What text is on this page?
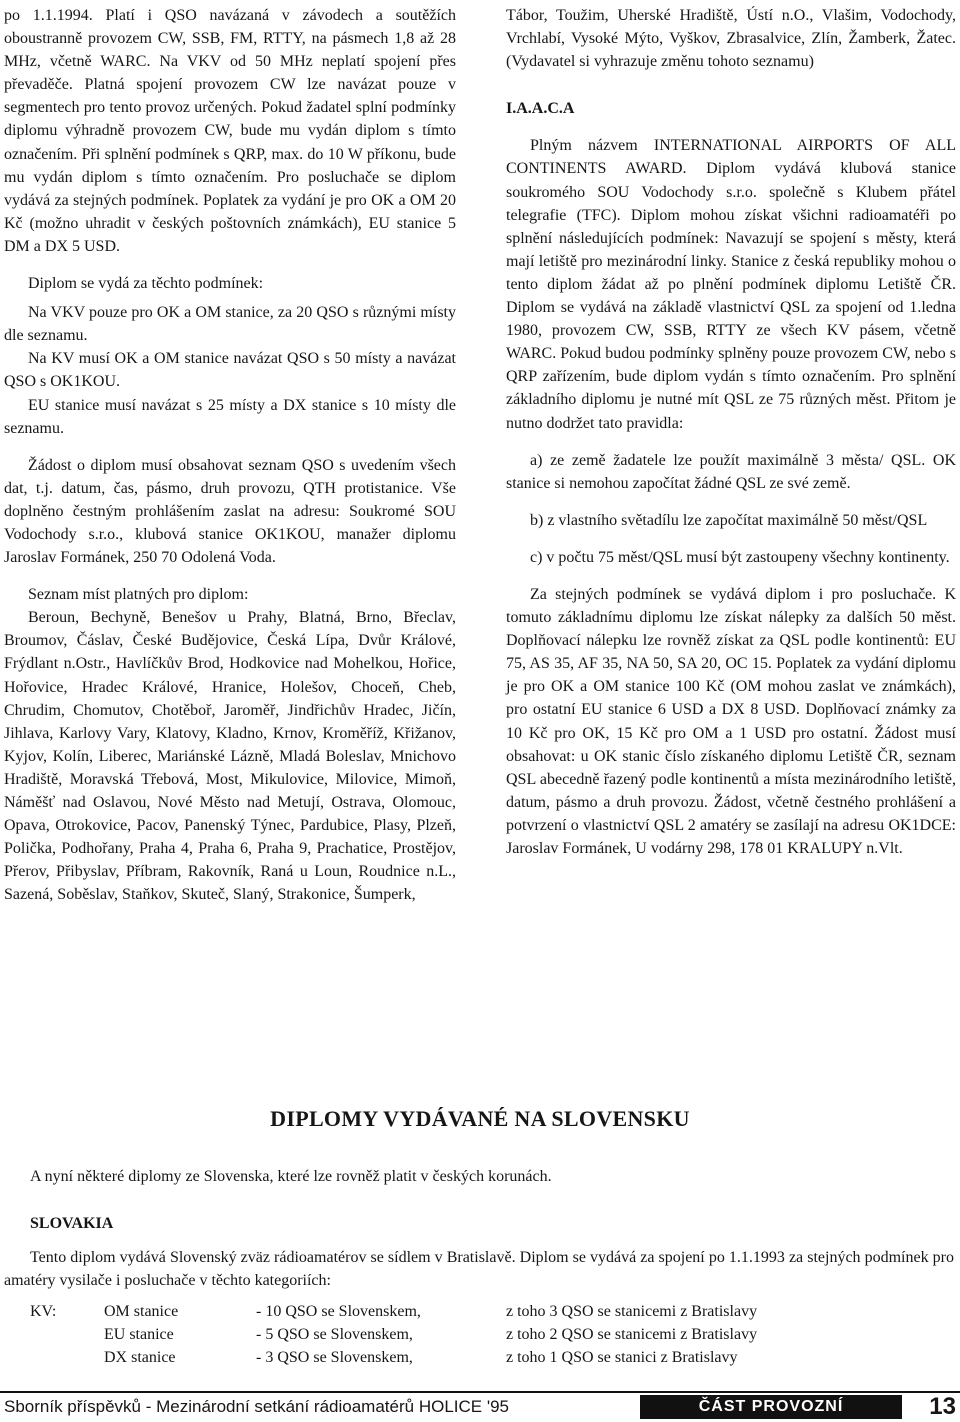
po 1.1.1994. Platí i QSO navázaná v závodech a soutěžích oboustranně provozem CW, SSB, FM, RTTY, na pásmech 1,8 až 28 MHz, včetně WARC. Na VKV od 50 MHz neplatí spojení přes převaděče. Platná spojení provozem CW lze navázat pouze v segmentech pro tento provoz určených. Pokud žadatel splní podmínky diplomu výhradně provozem CW, bude mu vydán diplom s tímto označením. Při splnění podmínek s QRP, max. do 10 W příkonu, bude mu vydán diplom s tímto označením. Pro posluchače se diplom vydává za stejných podmínek. Poplatek za vydání je pro OK a OM 20 Kč (možno uhradit v českých poštovních známkách), EU stanice 5 DM a DX 5 USD.

Diplom se vydá za těchto podmínek:

Na VKV pouze pro OK a OM stanice, za 20 QSO s různými místy dle seznamu.

Na KV musí OK a OM stanice navázat QSO s 50 místy a navázat QSO s OK1KOU.

EU stanice musí navázat s 25 místy a DX stanice s 10 místy dle seznamu.

Žádost o diplom musí obsahovat seznam QSO s uvedením všech dat, t.j. datum, čas, pásmo, druh provozu, QTH protistanice. Vše doplněno čestným prohlášením zaslat na adresu: Soukromé SOU Vodochody s.r.o., klubová stanice OK1KOU, manažer diplomu Jaroslav Formánek, 250 70 Odolená Voda.

Seznam míst platných pro diplom:

Beroun, Bechyně, Benešov u Prahy, Blatná, Brno, Břeclav, Broumov, Čáslav, České Budějovice, Česká Lípa, Dvůr Králové, Frýdlant n.Ostr., Havlíčkův Brod, Hodkovice nad Mohelkou, Hořice, Hořovice, Hradec Králové, Hranice, Holešov, Choceň, Cheb, Chrudim, Chomutov, Chotěboř, Jaroměř, Jindřichův Hradec, Jičín, Jihlava, Karlovy Vary, Klatovy, Kladno, Krnov, Kroměříž, Křižanov, Kyjov, Kolín, Liberec, Mariánské Lázně, Mladá Boleslav, Mnichovo Hradiště, Moravská Třebová, Most, Mikulovice, Milovice, Mimoň, Náměšť nad Oslavou, Nové Město nad Metují, Ostrava, Olomouc, Opava, Otrokovice, Pacov, Panenský Týnec, Pardubice, Plasy, Plzeň, Polička, Podhořany, Praha 4, Praha 6, Praha 9, Prachatice, Prostějov, Přerov, Přibyslav, Příbram, Rakovník, Raná u Loun, Roudnice n.L., Sazená, Soběslav, Staňkov, Skuteč, Slaný, Strakonice, Šumperk,

Tábor, Toužim, Uherské Hradiště, Ústí n.O., Vlašim, Vodochody, Vrchlabí, Vysoké Mýto, Vyškov, Zbrasalvice, Zlín, Žamberk, Žatec. (Vydavatel si vyhrazuje změnu tohoto seznamu)

I.A.A.C.A

Plným názvem INTERNATIONAL AIRPORTS OF ALL CONTINENTS AWARD. Diplom vydává klubová stanice soukromého SOU Vodochody s.r.o. společně s Klubem přátel telegrafie (TFC). Diplom mohou získat všichni radioamatéři po splnění následujících podmínek: Navazují se spojení s městy, která mají letiště pro mezinárodní linky. Stanice z česká republiky mohou o tento diplom žádat až po plnění podmínek diplomu Letiště ČR. Diplom se vydává na základě vlastnictví QSL za spojení od 1.ledna 1980, provozem CW, SSB, RTTY ze všech KV pásem, včetně WARC. Pokud budou podmínky splněny pouze provozem CW, nebo s QRP zařízením, bude diplom vydán s tímto označením. Pro splnění základního diplomu je nutné mít QSL ze 75 různých měst. Přitom je nutno dodržet tato pravidla:

a) ze země žadatele lze použít maximálně 3 města/ QSL. OK stanice si nemohou započítat žádné QSL ze své země.

b) z vlastního světadílu lze započítat maximálně 50 měst/QSL

c) v počtu 75 měst/QSL musí být zastoupeny všechny kontinenty.

Za stejných podmínek se vydává diplom i pro posluchače. K tomuto základnímu diplomu lze získat nálepky za dalších 50 měst. Doplňovací nálepku lze rovněž získat za QSL podle kontinentů: EU 75, AS 35, AF 35, NA 50, SA 20, OC 15. Poplatek za vydání diplomu je pro OK a OM stanice 100 Kč (OM mohou zaslat ve známkách), pro ostatní EU stanice 6 USD a DX 8 USD. Doplňovací známky za 10 Kč pro OK, 15 Kč pro OM a 1 USD pro ostatní. Žádost musí obsahovat: u OK stanic číslo získaného diplomu Letiště ČR, seznam QSL abecedně řazený podle kontinentů a místa mezinárodního letiště, datum, pásmo a druh provozu. Žádost, včetně čestného prohlášení a potvrzení o vlastnictví QSL 2 amatéry se zasílají na adresu OK1DCE: Jaroslav Formánek, U vodárny 298, 178 01 KRALUPY n.Vlt.

DIPLOMY VYDÁVANÉ NA SLOVENSKU
A nyní některé diplomy ze Slovenska, které lze rovněž platit v českých korunách.
SLOVAKIA
Tento diplom vydává Slovenský zväz rádioamatérov se sídlem v Bratislavě. Diplom se vydává za spojení po 1.1.1993 za stejných podmínek pro amatéry vysilače i posluchače v těchto kategoriích:
KV:	OM stanice	- 10 QSO se Slovenskem,	z toho 3 QSO se stanicemi z Bratislavy
EU stanice	- 5 QSO se Slovenskem,	z toho 2 QSO se stanicemi z Bratislavy
DX stanice	- 3 QSO se Slovenskem,	z toho 1 QSO se stanici z Bratislavy
Sborník příspěvků - Mezinárodní setkání rádioamatérů HOLICE '95	ČÁST PROVOZNÍ	13
